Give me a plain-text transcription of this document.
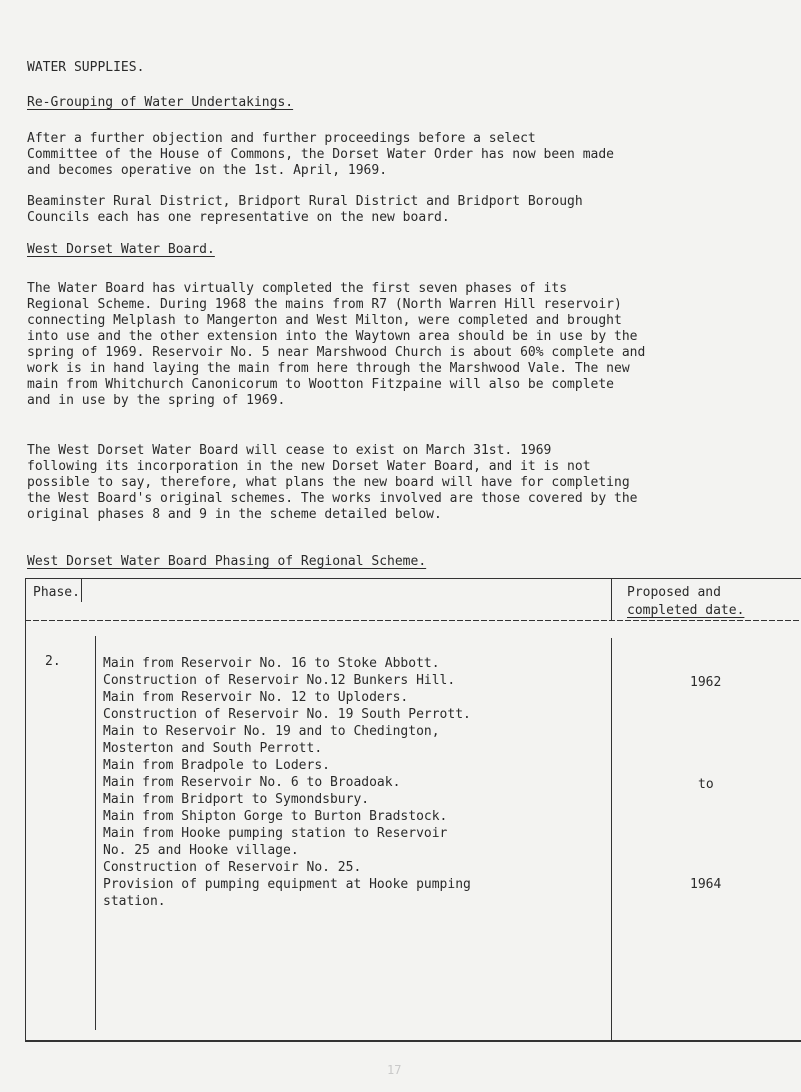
WATER SUPPLIES.
Re-Grouping of Water Undertakings.
After a further objection and further proceedings before a select
Committee of the House of Commons, the Dorset Water Order has now been made
and becomes operative on the 1st. April, 1969.
Beaminster Rural District, Bridport Rural District and Bridport Borough
Councils each has one representative on the new board.
West Dorset Water Board.
The Water Board has virtually completed the first seven phases of its
Regional Scheme. During 1968 the mains from R7 (North Warren Hill reservoir)
connecting Melplash to Mangerton and West Milton, were completed and brought
into use and the other extension into the Waytown area should be in use by the
spring of 1969. Reservoir No. 5 near Marshwood Church is about 60% complete and
work is in hand laying the main from here through the Marshwood Vale. The new
main from Whitchurch Canonicorum to Wootton Fitzpaine will also be complete
and in use by the spring of 1969.
The West Dorset Water Board will cease to exist on March 31st. 1969
following its incorporation in the new Dorset Water Board, and it is not
possible to say, therefore, what plans the new board will have for completing
the West Board's original schemes. The works involved are those covered by the
original phases 8 and 9 in the scheme detailed below.
West Dorset Water Board Phasing of Regional Scheme.
Phase.	Proposed and
completed date.
2.	Main from Reservoir No. 16 to Stoke Abbott.
Construction of Reservoir No.12 Bunkers Hill.
Main from Reservoir No. 12 to Uploders.
Construction of Reservoir No. 19 South Perrott.
Main to Reservoir No. 19 and to Chedington,
Mosterton and South Perrott.
Main from Bradpole to Loders.
Main from Reservoir No. 6 to Broadoak.
Main from Bridport to Symondsbury.
Main from Shipton Gorge to Burton Bradstock.
Main from Hooke pumping station to Reservoir
No. 25 and Hooke village.
Construction of Reservoir No. 25.
Provision of pumping equipment at Hooke pumping
station.
1962
to
1964
17
